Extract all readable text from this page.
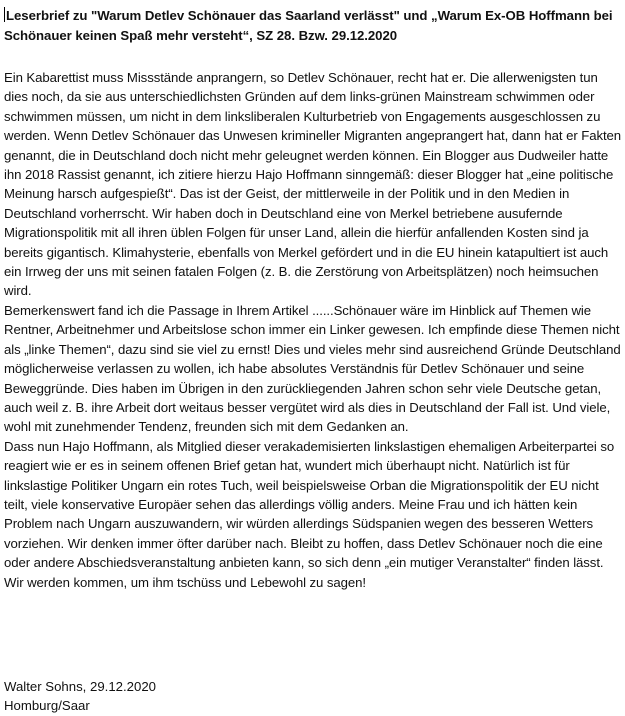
Leserbrief zu "Warum Detlev Schönauer das Saarland verlässt" und „Warum Ex-OB Hoffmann bei Schönauer keinen Spaß mehr versteht“, SZ 28. Bzw. 29.12.2020

Ein Kabarettist muss Missstände anprangern, so Detlev Schönauer, recht hat er. Die allerwenigsten tun dies noch, da sie aus unterschiedlichsten Gründen auf dem links-grünen Mainstream schwimmen oder schwimmen müssen, um nicht in dem linksliberalen Kulturbetrieb von Engagements ausgeschlossen zu werden. Wenn Detlev Schönauer das Unwesen krimineller Migranten angeprangert hat, dann hat er Fakten genannt, die in Deutschland doch nicht mehr geleugnet werden können. Ein Blogger aus Dudweiler hatte ihn 2018 Rassist genannt, ich zitiere hierzu Hajo Hoffmann sinngemäß: dieser Blogger hat „eine politische Meinung harsch aufgespießt“. Das ist der Geist, der mittlerweile in der Politik und in den Medien in Deutschland vorherrscht. Wir haben doch in Deutschland eine von Merkel betriebene ausufernde Migrationspolitik mit all ihren üblen Folgen für unser Land, allein die hierfür anfallenden Kosten sind ja bereits gigantisch. Klimahysterie, ebenfalls von Merkel gefördert und in die EU hinein katapultiert ist auch ein Irrweg der uns mit seinen fatalen Folgen (z. B. die Zerstörung von Arbeitsplätzen) noch heimsuchen wird.

Bemerkenswert fand ich die Passage in Ihrem Artikel ......Schönauer wäre im Hinblick auf Themen wie Rentner, Arbeitnehmer und Arbeitslose schon immer ein Linker gewesen. Ich empfinde diese Themen nicht als „linke Themen“, dazu sind sie viel zu ernst! Dies und vieles mehr sind ausreichend Gründe Deutschland möglicherweise verlassen zu wollen, ich habe absolutes Verständnis für Detlev Schönauer und seine Beweggründe. Dies haben im Übrigen in den zurückliegenden Jahren schon sehr viele Deutsche getan, auch weil z. B. ihre Arbeit dort weitaus besser vergütet wird als dies in Deutschland der Fall ist. Und viele, wohl mit zunehmender Tendenz, freunden sich mit dem Gedanken an.

Dass nun Hajo Hoffmann, als Mitglied dieser verakademisierten linkslastigen ehemaligen Arbeiterpartei so reagiert wie er es in seinem offenen Brief getan hat, wundert mich überhaupt nicht. Natürlich ist für linkslastige Politiker Ungarn ein rotes Tuch, weil beispielsweise Orban die Migrationspolitik der EU nicht teilt, viele konservative Europäer sehen das allerdings völlig anders. Meine Frau und ich hätten kein Problem nach Ungarn auszuwandern, wir würden allerdings Südspanien wegen des besseren Wetters vorziehen. Wir denken immer öfter darüber nach. Bleibt zu hoffen, dass Detlev Schönauer noch die eine oder andere Abschiedsveranstaltung anbieten kann, so sich denn „ein mutiger Veranstalter“ finden lässt. Wir werden kommen, um ihm tschüss und Lebewohl zu sagen!

Walter Sohns, 29.12.2020
Homburg/Saar
